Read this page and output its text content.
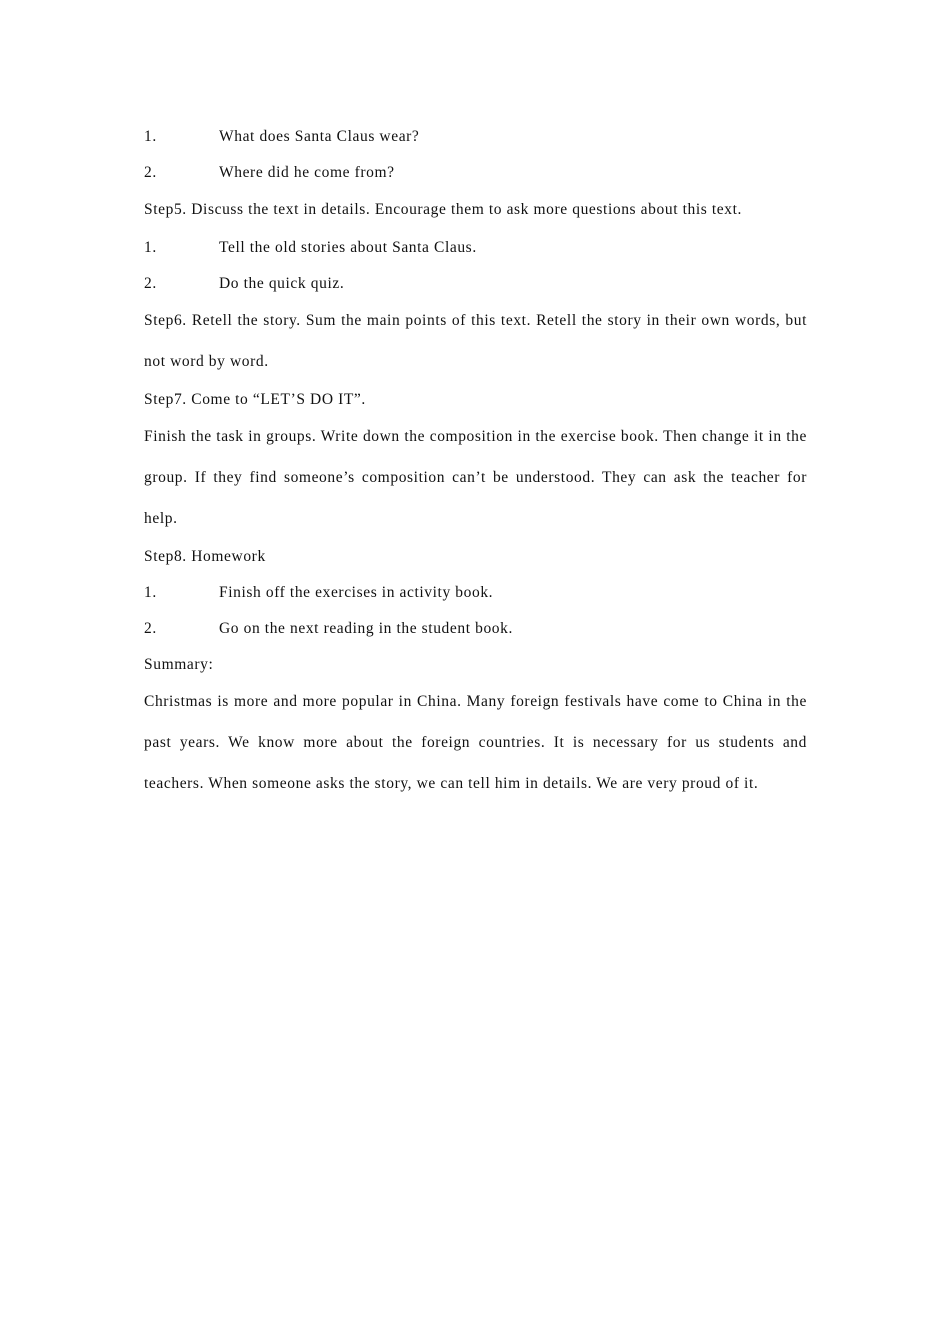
1.	What does Santa Claus wear?
2.	Where did he come from?
Step5. Discuss the text in details. Encourage them to ask more questions about this text.
1.	Tell the old stories about Santa Claus.
2.	Do the quick quiz.
Step6. Retell the story. Sum the main points of this text. Retell the story in their own words, but not word by word.
Step7. Come to “LET’S DO IT”.
Finish the task in groups. Write down the composition in the exercise book. Then change it in the group. If they find someone’s composition can’t be understood. They can ask the teacher for help.
Step8. Homework
1.	Finish off the exercises in activity book.
2.	Go on the next reading in the student book.
Summary:
Christmas is more and more popular in China. Many foreign festivals have come to China in the past years. We know more about the foreign countries. It is necessary for us students and teachers. When someone asks the story, we can tell him in details. We are very proud of it.
